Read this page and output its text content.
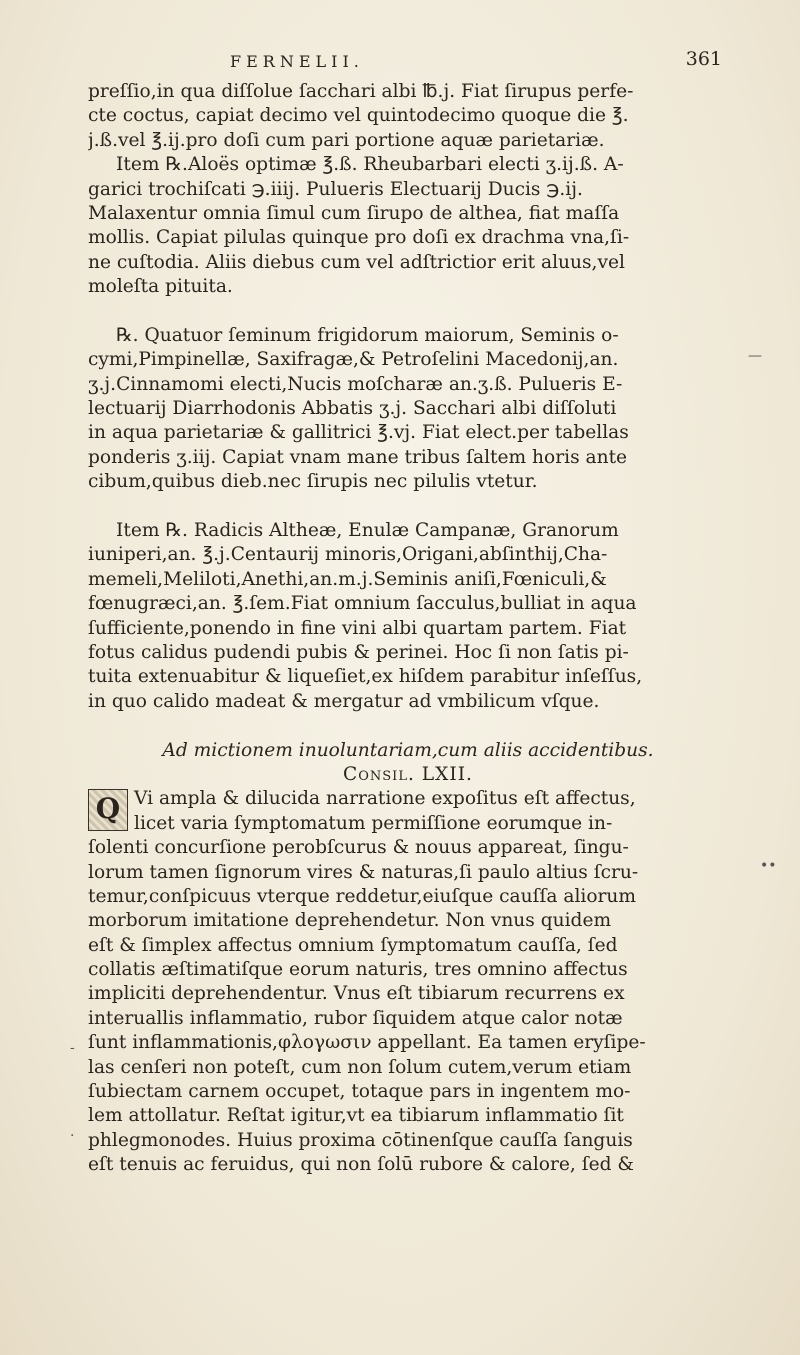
FERNELII.	361
preſſio,in qua diſſolue ſacchari albi ℔.j. Fiat ſirupus perfe-
cte coctus, capiat decimo vel quintodecimo quoque die ℥.
j.ß.vel ℥.ij.pro doſi cum pari portione aquæ parietariæ.
Item ℞.Aloës optimæ ℥.ß. Rheubarbari electi ʒ.ij.ß. A-
garici trochiſcati ℈.iiij. Pulueris Electuarij Ducis ℈.ij.
Malaxentur omnia ſimul cum ſirupo de althea, fiat maſſa
mollis. Capiat pilulas quinque pro doſi ex drachma vna,ſi-
ne cuſtodia. Aliis diebus cum vel adſtrictior erit aluus,vel
moleſta pituita.
℞. Quatuor ſeminum frigidorum maiorum, Seminis o-
cymi,Pimpinellæ, Saxifragæ,& Petroſelini Macedonij,an.
ʒ.j.Cinnamomi electi,Nucis moſcharæ an.ʒ.ß. Pulueris E-
lectuarij Diarrhodonis Abbatis ʒ.j. Sacchari albi diſſoluti
in aqua parietariæ & gallitrici ℥.vj. Fiat elect.per tabellas
ponderis ʒ.iij. Capiat vnam mane tribus ſaltem horis ante
cibum,quibus dieb.nec ſirupis nec pilulis vtetur.
Item ℞. Radicis Altheæ, Enulæ Campanæ, Granorum
iuniperi,an. ℥.j.Centaurij minoris,Origani,abſinthij,Cha-
memeli,Meliloti,Anethi,an.m.j.Seminis aniſi,Fœniculi,&
fœnugræci,an. ℥.ſem.Fiat omnium ſacculus,bulliat in aqua
ſufficiente,ponendo in fine vini albi quartam partem. Fiat
fotus calidus pudendi pubis & perinei. Hoc ſi non ſatis pi-
tuita extenuabitur & liqueſiet,ex hiſdem parabitur inſeſſus,
in quo calido madeat & mergatur ad vmbilicum vſque.
Ad mictionem inuoluntariam,cum aliis accidentibus.
Consil. LXII.
Q Vi ampla & dilucida narratione expoſitus eſt affectus,
licet varia ſymptomatum permiſſione eorumque in-
ſolenti concurſione perobſcurus & nouus appareat, ſingu-
lorum tamen ſignorum vires & naturas,ſi paulo altius ſcru-
temur,conſpicuus vterque reddetur,eiuſque cauſſa aliorum
morborum imitatione deprehendetur. Non vnus quidem
eſt & ſimplex affectus omnium ſymptomatum cauſſa, ſed
collatis æſtimatiſque eorum naturis, tres omnino affectus
impliciti deprehendentur. Vnus eſt tibiarum recurrens ex
interuallis inflammatio, rubor ſiquidem atque calor notæ
ſunt inflammationis,φλογωσιν appellant. Ea tamen eryſipe-
las cenſeri non poteſt, cum non ſolum cutem,verum etiam
ſubiectam carnem occupet, totaque pars in ingentem mo-
lem attollatur. Reſtat igitur,vt ea tibiarum inflammatio ſit
phlegmonodes. Huius proxima cōtinenſque cauſſa ſanguis
eſt tenuis ac feruidus, qui non ſolū rubore & calore, ſed &
—
••
-
·
